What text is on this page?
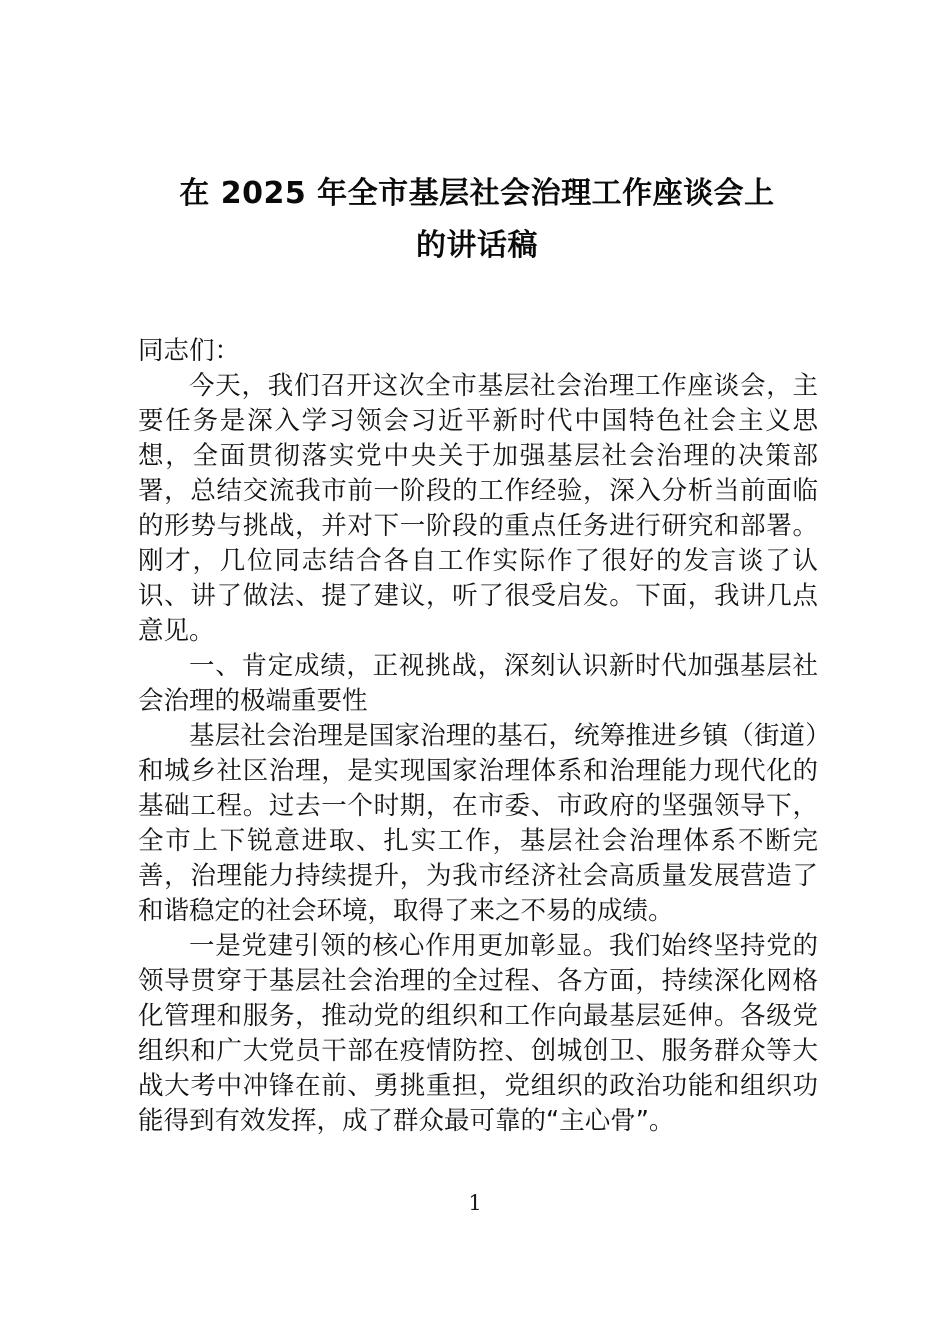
在 2025 年全市基层社会治理工作座谈会上
的讲话稿

同志们：

今天，我们召开这次全市基层社会治理工作座谈会，主要任务是深入学习领会习近平新时代中国特色社会主义思想，全面贯彻落实党中央关于加强基层社会治理的决策部署，总结交流我市前一阶段的工作经验，深入分析当前面临的形势与挑战，并对下一阶段的重点任务进行研究和部署。刚才，几位同志结合各自工作实际作了很好的发言谈了认识、讲了做法、提了建议，听了很受启发。下面，我讲几点意见。

一、肯定成绩，正视挑战，深刻认识新时代加强基层社会治理的极端重要性

基层社会治理是国家治理的基石，统筹推进乡镇（街道）和城乡社区治理，是实现国家治理体系和治理能力现代化的基础工程。过去一个时期，在市委、市政府的坚强领导下，全市上下锐意进取、扎实工作，基层社会治理体系不断完善，治理能力持续提升，为我市经济社会高质量发展营造了和谐稳定的社会环境，取得了来之不易的成绩。

一是党建引领的核心作用更加彰显。我们始终坚持党的领导贯穿于基层社会治理的全过程、各方面，持续深化网格化管理和服务，推动党的组织和工作向最基层延伸。各级党组织和广大党员干部在疫情防控、创城创卫、服务群众等大战大考中冲锋在前、勇挑重担，党组织的政治功能和组织功能得到有效发挥，成了群众最可靠的“主心骨”。

1
